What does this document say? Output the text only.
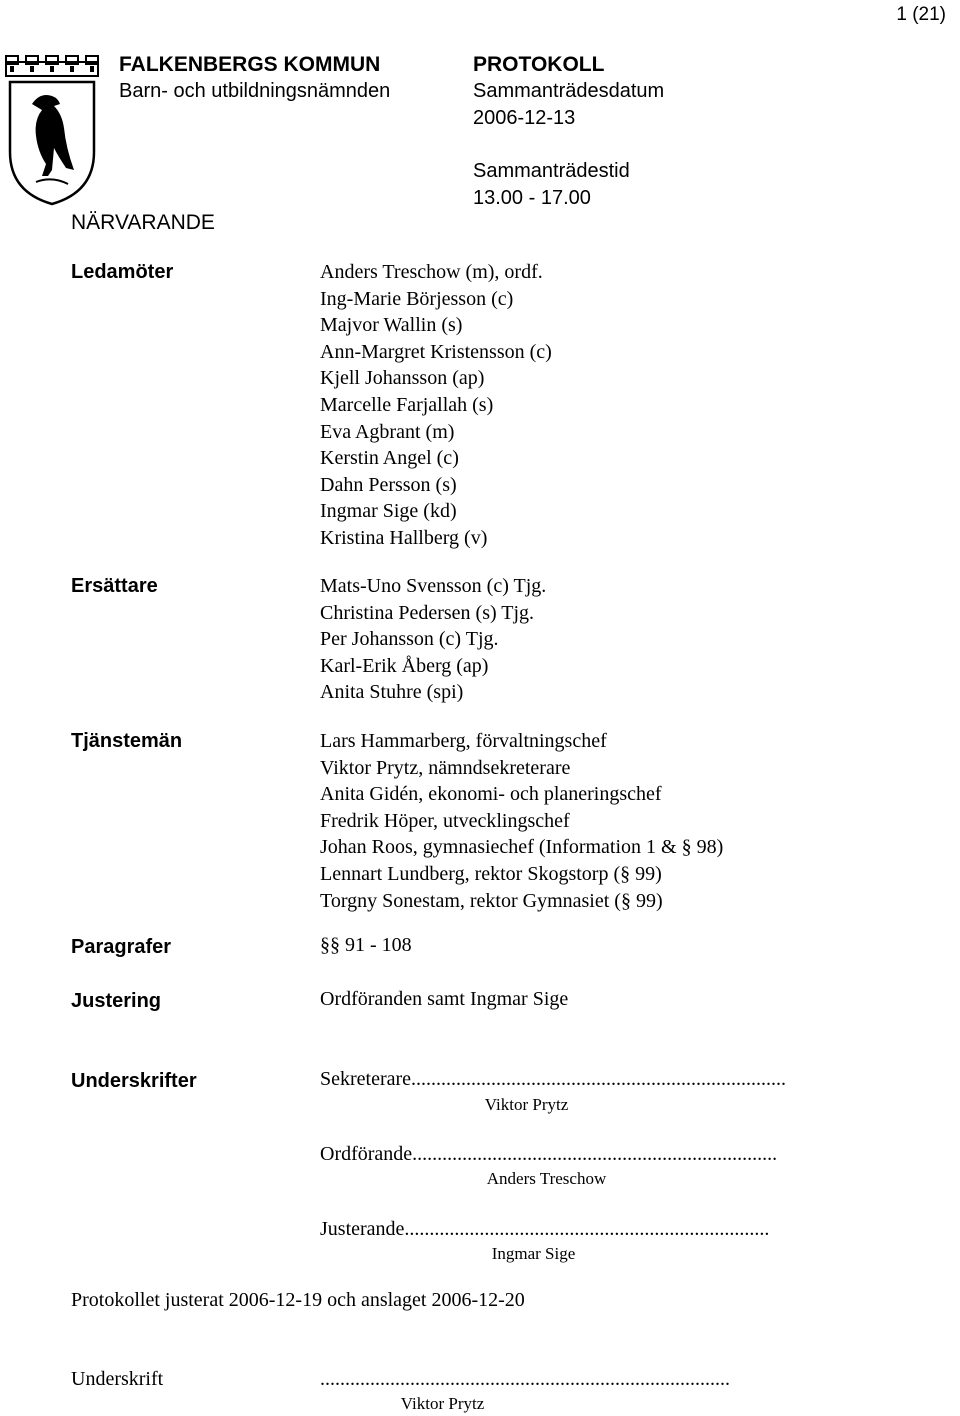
1 (21)
FALKENBERGS KOMMUN
Barn- och utbildningsnämnden
PROTOKOLL
Sammanträdesdatum
2006-12-13
Sammanträdestid
13.00 - 17.00
NÄRVARANDE
Ledamöter	Anders Treschow (m), ordf.
Ing-Marie Börjesson (c)
Majvor Wallin (s)
Ann-Margret Kristensson (c)
Kjell Johansson (ap)
Marcelle Farjallah (s)
Eva Agbrant (m)
Kerstin Angel (c)
Dahn Persson (s)
Ingmar Sige (kd)
Kristina Hallberg (v)
Ersättare	Mats-Uno Svensson (c) Tjg.
Christina Pedersen (s) Tjg.
Per Johansson (c) Tjg.
Karl-Erik Åberg (ap)
Anita Stuhre (spi)
Tjänstemän	Lars Hammarberg, förvaltningschef
Viktor Prytz, nämndsekreterare
Anita Gidén, ekonomi- och planeringschef
Fredrik Höper, utvecklingschef
Johan Roos, gymnasiechef (Information 1 & § 98)
Lennart Lundberg, rektor Skogstorp (§ 99)
Torgny Sonestam, rektor Gymnasiet (§ 99)
Paragrafer	§§ 91 - 108
Justering	Ordföranden samt Ingmar Sige
Underskrifter	Sekreterare...........................................................................
Viktor Prytz
Ordförande.........................................................................
Anders Treschow
Justerande.........................................................................
Ingmar Sige
Protokollet justerat 2006-12-19 och anslaget 2006-12-20
Underskrift	..................................................................................
Viktor Prytz
